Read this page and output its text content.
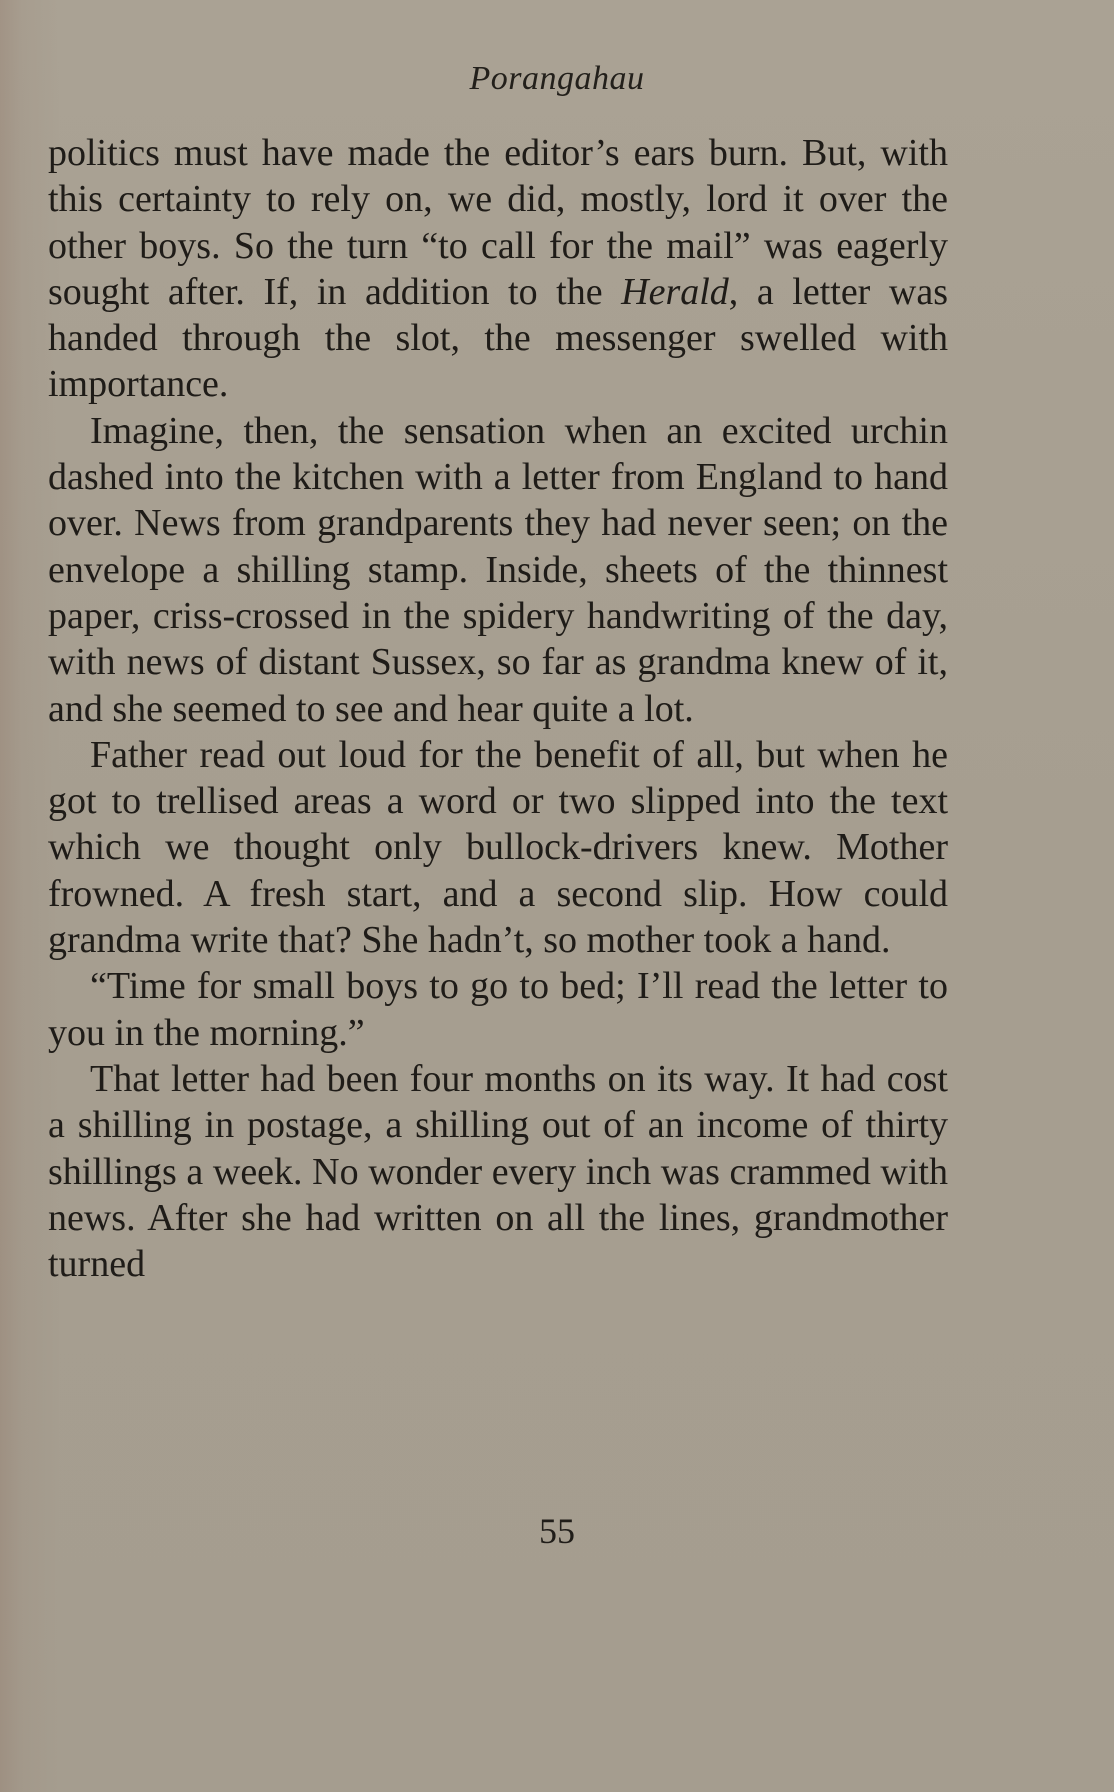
Porangahau

politics must have made the editor’s ears burn. But, with this certainty to rely on, we did, mostly, lord it over the other boys. So the turn “to call for the mail” was eagerly sought after. If, in addition to the Herald, a letter was handed through the slot, the messenger swelled with importance.

Imagine, then, the sensation when an excited urchin dashed into the kitchen with a letter from England to hand over. News from grandparents they had never seen; on the envelope a shilling stamp. Inside, sheets of the thinnest paper, criss-crossed in the spidery handwriting of the day, with news of distant Sussex, so far as grandma knew of it, and she seemed to see and hear quite a lot.

Father read out loud for the benefit of all, but when he got to trellised areas a word or two slipped into the text which we thought only bullock-drivers knew. Mother frowned. A fresh start, and a second slip. How could grandma write that? She hadn’t, so mother took a hand.

“Time for small boys to go to bed; I’ll read the letter to you in the morning.”

That letter had been four months on its way. It had cost a shilling in postage, a shilling out of an income of thirty shillings a week. No wonder every inch was crammed with news. After she had written on all the lines, grandmother turned

55
